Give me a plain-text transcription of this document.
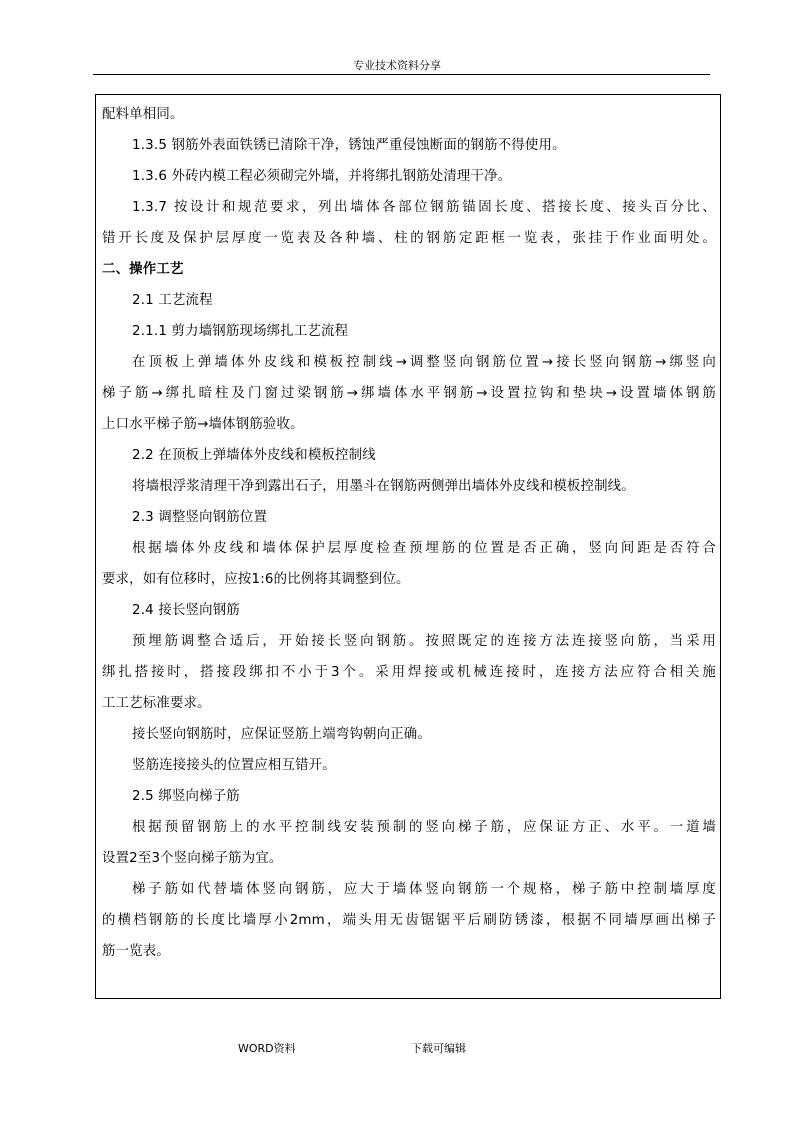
专业技术资料分享
配料单相同。
1.3.5 钢筋外表面铁锈已清除干净，锈蚀严重侵蚀断面的钢筋不得使用。
1.3.6 外砖内模工程必须砌完外墙，并将绑扎钢筋处清理干净。
1.3.7 按设计和规范要求，列出墙体各部位钢筋锚固长度、搭接长度、接头百分比、
错开长度及保护层厚度一览表及各种墙、柱的钢筋定距框一览表，张挂于作业面明处。
二、操作工艺
2.1 工艺流程
2.1.1 剪力墙钢筋现场绑扎工艺流程
在顶板上弹墙体外皮线和模板控制线→调整竖向钢筋位置→接长竖向钢筋→绑竖向
梯子筋→绑扎暗柱及门窗过梁钢筋→绑墙体水平钢筋→设置拉钩和垫块→设置墙体钢筋
上口水平梯子筋→墙体钢筋验收。
2.2 在顶板上弹墙体外皮线和模板控制线
将墙根浮浆清理干净到露出石子，用墨斗在钢筋两侧弹出墙体外皮线和模板控制线。
2.3 调整竖向钢筋位置
根据墙体外皮线和墙体保护层厚度检查预埋筋的位置是否正确，竖向间距是否符合
要求，如有位移时，应按1:6的比例将其调整到位。
2.4 接长竖向钢筋
预埋筋调整合适后，开始接长竖向钢筋。按照既定的连接方法连接竖向筋，当采用
绑扎搭接时，搭接段绑扣不小于3个。采用焊接或机械连接时，连接方法应符合相关施
工工艺标准要求。
接长竖向钢筋时，应保证竖筋上端弯钩朝向正确。
竖筋连接接头的位置应相互错开。
2.5 绑竖向梯子筋
根据预留钢筋上的水平控制线安装预制的竖向梯子筋，应保证方正、水平。一道墙
设置2至3个竖向梯子筋为宜。
梯子筋如代替墙体竖向钢筋，应大于墙体竖向钢筋一个规格，梯子筋中控制墙厚度
的横档钢筋的长度比墙厚小2mm，端头用无齿锯锯平后刷防锈漆，根据不同墙厚画出梯子
筋一览表。
WORD资料	下载可编辑
